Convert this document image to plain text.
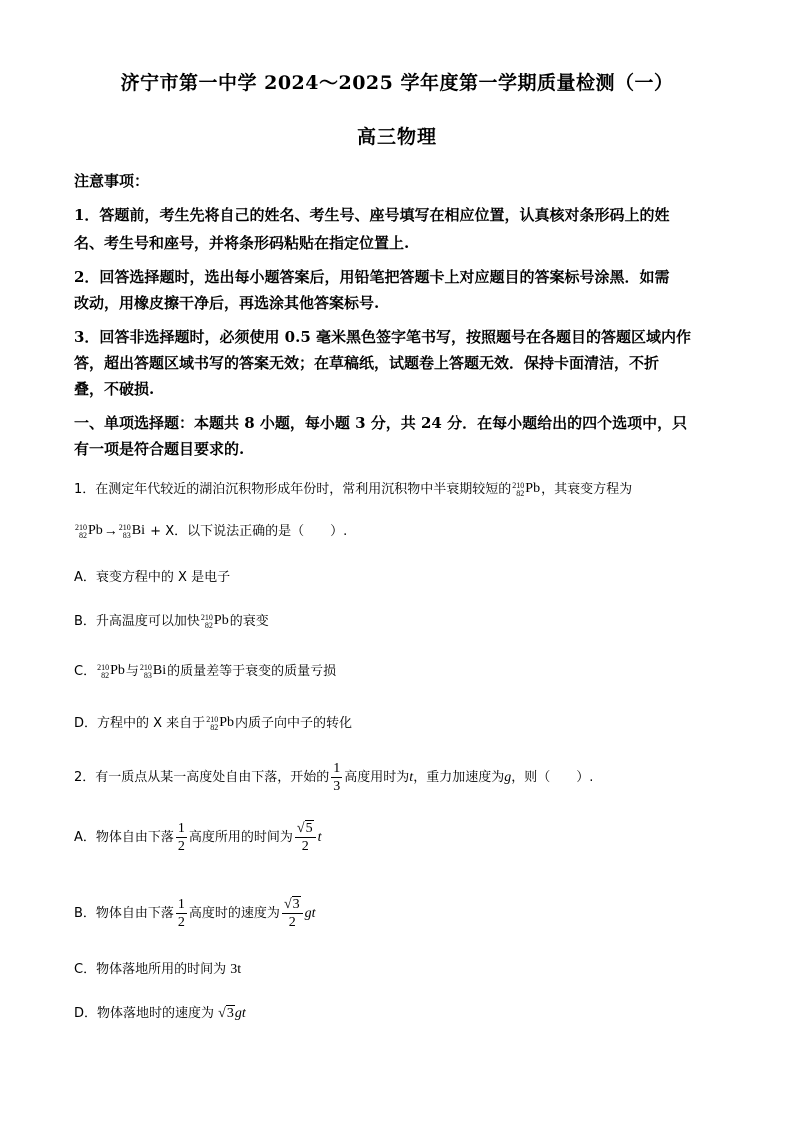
济宁市第一中学 2024～2025 学年度第一学期质量检测（一）
高三物理
注意事项：
1．答题前，考生先将自己的姓名、考生号、座号填写在相应位置，认真核对条形码上的姓
名、考生号和座号，并将条形码粘贴在指定位置上.
2．回答选择题时，选出每小题答案后，用铅笔把答题卡上对应题目的答案标号涂黑．如需
改动，用橡皮擦干净后，再选涂其他答案标号.
3．回答非选择题时，必须使用 0.5 毫米黑色签字笔书写，按照题号在各题目的答题区域内作
答，超出答题区域书写的答案无效；在草稿纸，试题卷上答题无效．保持卡面清洁，不折
叠，不破损.
一、单项选择题：本题共 8 小题，每小题 3 分，共 24 分．在每小题给出的四个选项中，只
有一项是符合题目要求的.
1．在测定年代较近的湖泊沉积物形成年份时，常利用沉积物中半衰期较短的 210
82 Pb，其衰变方程为
210
82 Pb→ 210
83 Bi + X．以下说法正确的是（　　）.
A．衰变方程中的 X 是电子
B．升高温度可以加快 210
82 Pb的衰变
C． 210
82 Pb与 210
83 Bi的质量差等于衰变的质量亏损
D．方程中的 X 来自于 210
82 Pb内质子向中子的转化
2．有一质点从某一高度处自由下落，开始的 $\frac{1}{3}$ 高度用时为t，重力加速度为g，则（　　）.
A．物体自由下落 $\frac{1}{2}$ 高度所用的时间为 $\frac{√5}{2}$ t
B．物体自由下落 $\frac{1}{2}$ 高度时的速度为 $\frac{√3}{2}$ gt
C．物体落地所用的时间为 3t
D．物体落地时的速度为 √3gt
